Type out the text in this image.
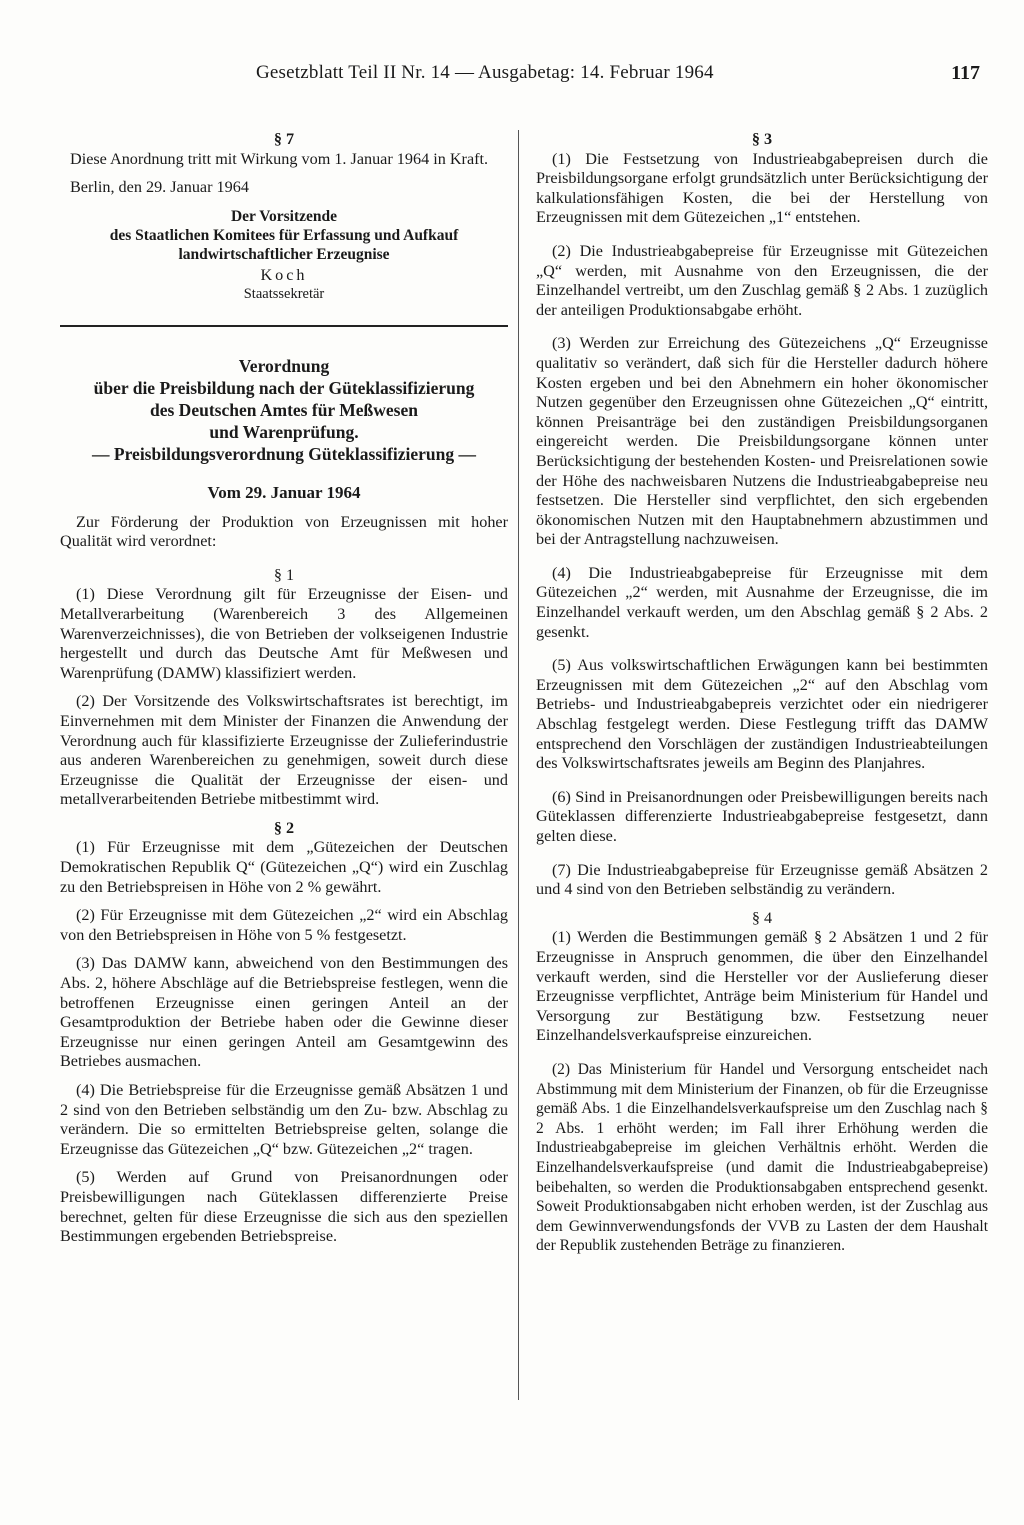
Gesetzblatt Teil II Nr. 14 — Ausgabetag: 14. Februar 1964	117

§ 7

Diese Anordnung tritt mit Wirkung vom 1. Januar 1964 in Kraft.

Berlin, den 29. Januar 1964

Der Vorsitzende

des Staatlichen Komitees für Erfassung und Aufkauf

landwirtschaftlicher Erzeugnise

Koch

Staatssekretär

Verordnung

über die Preisbildung nach der Güteklassifizierung

des Deutschen Amtes für Meßwesen

und Warenprüfung.

— Preisbildungsverordnung Güteklassifizierung —

Vom 29. Januar 1964

Zur Förderung der Produktion von Erzeugnissen mit hoher Qualität wird verordnet:

§ 1

(1) Diese Verordnung gilt für Erzeugnisse der Eisen- und Metallverarbeitung (Warenbereich 3 des Allgemeinen Warenverzeichnisses), die von Betrieben der volkseigenen Industrie hergestellt und durch das Deutsche Amt für Meßwesen und Warenprüfung (DAMW) klassifiziert werden.

(2) Der Vorsitzende des Volkswirtschaftsrates ist berechtigt, im Einvernehmen mit dem Minister der Finanzen die Anwendung der Verordnung auch für klassifizierte Erzeugnisse der Zulieferindustrie aus anderen Warenbereichen zu genehmigen, soweit durch diese Erzeugnisse die Qualität der Erzeugnisse der eisen- und metallverarbeitenden Betriebe mitbestimmt wird.

§ 2

(1) Für Erzeugnisse mit dem „Gütezeichen der Deutschen Demokratischen Republik Q“ (Gütezeichen „Q“) wird ein Zuschlag zu den Betriebspreisen in Höhe von 2 % gewährt.

(2) Für Erzeugnisse mit dem Gütezeichen „2“ wird ein Abschlag von den Betriebspreisen in Höhe von 5 % festgesetzt.

(3) Das DAMW kann, abweichend von den Bestimmungen des Abs. 2, höhere Abschläge auf die Betriebspreise festlegen, wenn die betroffenen Erzeugnisse einen geringen Anteil an der Gesamtproduktion der Betriebe haben oder die Gewinne dieser Erzeugnisse nur einen geringen Anteil am Gesamtgewinn des Betriebes ausmachen.

(4) Die Betriebspreise für die Erzeugnisse gemäß Absätzen 1 und 2 sind von den Betrieben selbständig um den Zu- bzw. Abschlag zu verändern. Die so ermittelten Betriebspreise gelten, solange die Erzeugnisse das Gütezeichen „Q“ bzw. Gütezeichen „2“ tragen.

(5) Werden auf Grund von Preisanordnungen oder Preisbewilligungen nach Güteklassen differenzierte Preise berechnet, gelten für diese Erzeugnisse die sich aus den speziellen Bestimmungen ergebenden Betriebspreise.

§ 3

(1) Die Festsetzung von Industrieabgabepreisen durch die Preisbildungsorgane erfolgt grundsätzlich unter Berücksichtigung der kalkulationsfähigen Kosten, die bei der Herstellung von Erzeugnissen mit dem Gütezeichen „1“ entstehen.

(2) Die Industrieabgabepreise für Erzeugnisse mit Gütezeichen „Q“ werden, mit Ausnahme von den Erzeugnissen, die der Einzelhandel vertreibt, um den Zuschlag gemäß § 2 Abs. 1 zuzüglich der anteiligen Produktionsabgabe erhöht.

(3) Werden zur Erreichung des Gütezeichens „Q“ Erzeugnisse qualitativ so verändert, daß sich für die Hersteller dadurch höhere Kosten ergeben und bei den Abnehmern ein hoher ökonomischer Nutzen gegenüber den Erzeugnissen ohne Gütezeichen „Q“ eintritt, können Preisanträge bei den zuständigen Preisbildungsorganen eingereicht werden. Die Preisbildungsorgane können unter Berücksichtigung der bestehenden Kosten- und Preisrelationen sowie der Höhe des nachweisbaren Nutzens die Industrieabgabepreise neu festsetzen. Die Hersteller sind verpflichtet, den sich ergebenden ökonomischen Nutzen mit den Hauptabnehmern abzustimmen und bei der Antragstellung nachzuweisen.

(4) Die Industrieabgabepreise für Erzeugnisse mit dem Gütezeichen „2“ werden, mit Ausnahme der Erzeugnisse, die im Einzelhandel verkauft werden, um den Abschlag gemäß § 2 Abs. 2 gesenkt.

(5) Aus volkswirtschaftlichen Erwägungen kann bei bestimmten Erzeugnissen mit dem Gütezeichen „2“ auf den Abschlag vom Betriebs- und Industrieabgabepreis verzichtet oder ein niedrigerer Abschlag festgelegt werden. Diese Festlegung trifft das DAMW entsprechend den Vorschlägen der zuständigen Industrieabteilungen des Volkswirtschaftsrates jeweils am Beginn des Planjahres.

(6) Sind in Preisanordnungen oder Preisbewilligungen bereits nach Güteklassen differenzierte Industrieabgabepreise festgesetzt, dann gelten diese.

(7) Die Industrieabgabepreise für Erzeugnisse gemäß Absätzen 2 und 4 sind von den Betrieben selbständig zu verändern.

§ 4

(1) Werden die Bestimmungen gemäß § 2 Absätzen 1 und 2 für Erzeugnisse in Anspruch genommen, die über den Einzelhandel verkauft werden, sind die Hersteller vor der Auslieferung dieser Erzeugnisse verpflichtet, Anträge beim Ministerium für Handel und Versorgung zur Bestätigung bzw. Festsetzung neuer Einzelhandelsverkaufspreise einzureichen.

(2) Das Ministerium für Handel und Versorgung entscheidet nach Abstimmung mit dem Ministerium der Finanzen, ob für die Erzeugnisse gemäß Abs. 1 die Einzelhandelsverkaufspreise um den Zuschlag nach § 2 Abs. 1 erhöht werden; im Fall ihrer Erhöhung werden die Industrieabgabepreise im gleichen Verhältnis erhöht. Werden die Einzelhandelsverkaufspreise (und damit die Industrieabgabepreise) beibehalten, so werden die Produktionsabgaben entsprechend gesenkt. Soweit Produktionsabgaben nicht erhoben werden, ist der Zuschlag aus dem Gewinnverwendungsfonds der VVB zu Lasten der dem Haushalt der Republik zustehenden Beträge zu finanzieren.
